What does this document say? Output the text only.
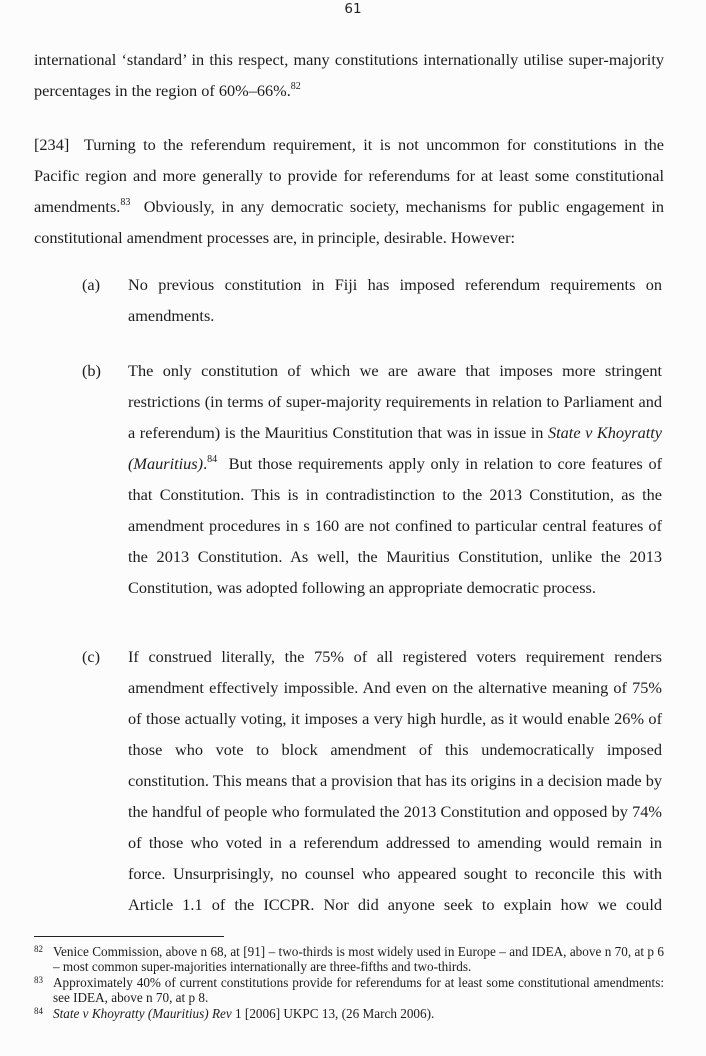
61
international ‘standard’ in this respect, many constitutions internationally utilise super-majority percentages in the region of 60%–66%.$^{82}$
[234] Turning to the referendum requirement, it is not uncommon for constitutions in the Pacific region and more generally to provide for referendums for at least some constitutional amendments.$^{83}$ Obviously, in any democratic society, mechanisms for public engagement in constitutional amendment processes are, in principle, desirable. However:
(a) No previous constitution in Fiji has imposed referendum requirements on amendments.
(b) The only constitution of which we are aware that imposes more stringent restrictions (in terms of super-majority requirements in relation to Parliament and a referendum) is the Mauritius Constitution that was in issue in State v Khoyratty (Mauritius).$^{84}$ But those requirements apply only in relation to core features of that Constitution. This is in contradistinction to the 2013 Constitution, as the amendment procedures in s 160 are not confined to particular central features of the 2013 Constitution. As well, the Mauritius Constitution, unlike the 2013 Constitution, was adopted following an appropriate democratic process.
(c) If construed literally, the 75% of all registered voters requirement renders amendment effectively impossible. And even on the alternative meaning of 75% of those actually voting, it imposes a very high hurdle, as it would enable 26% of those who vote to block amendment of this undemocratically imposed constitution. This means that a provision that has its origins in a decision made by the handful of people who formulated the 2013 Constitution and opposed by 74% of those who voted in a referendum addressed to amending would remain in force. Unsurprisingly, no counsel who appeared sought to reconcile this with Article 1.1 of the ICCPR. Nor did anyone seek to explain how we could
82 Venice Commission, above n 68, at [91] – two-thirds is most widely used in Europe – and IDEA, above n 70, at p 6 – most common super-majorities internationally are three-fifths and two-thirds.
83 Approximately 40% of current constitutions provide for referendums for at least some constitutional amendments: see IDEA, above n 70, at p 8.
84 State v Khoyratty (Mauritius) Rev 1 [2006] UKPC 13, (26 March 2006).
